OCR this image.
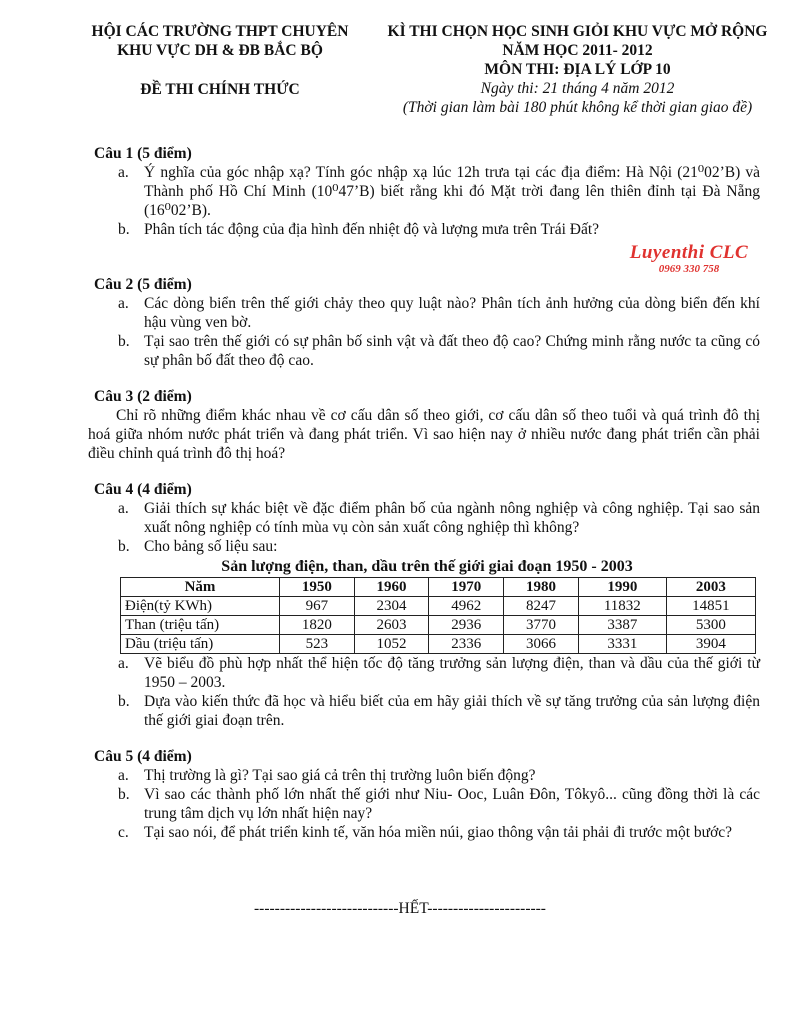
HỘI CÁC TRƯỜNG THPT CHUYÊN
KHU VỰC DH & ĐB BẮC BỘ
ĐỀ THI CHÍNH THỨC
KÌ THI CHỌN HỌC SINH GIỎI KHU VỰC MỞ RỘNG
NĂM HỌC 2011- 2012
MÔN THI: ĐỊA LÝ LỚP 10
Ngày thi: 21 tháng 4 năm 2012
(Thời gian làm bài 180 phút không kể thời gian giao đề)
Luyenthi CLC
0969 330 758
Câu 1 (5 điểm)
a. Ý nghĩa của góc nhập xạ? Tính góc nhập xạ lúc 12h trưa tại các địa điểm: Hà Nội (21⁰02’B) và Thành phố Hồ Chí Minh (10⁰47’B) biết rằng khi đó Mặt trời đang lên thiên đỉnh tại Đà Nẵng (16⁰02’B).
b. Phân tích tác động của địa hình đến nhiệt độ và lượng mưa trên Trái Đất?
Câu 2 (5 điểm)
a. Các dòng biển trên thế giới chảy theo quy luật nào? Phân tích ảnh hưởng của dòng biển đến khí hậu vùng ven bờ.
b. Tại sao trên thế giới có sự phân bố sinh vật và đất theo độ cao? Chứng minh rằng nước ta cũng có sự phân bố đất theo độ cao.
Câu 3 (2 điểm)
Chỉ rõ những điểm khác nhau về cơ cấu dân số theo giới, cơ cấu dân số theo tuổi và quá trình đô thị hoá giữa nhóm nước phát triển và đang phát triển. Vì sao hiện nay ở nhiều nước đang phát triển cần phải điều chỉnh quá trình đô thị hoá?
Câu 4 (4 điểm)
a. Giải thích sự khác biệt về đặc điểm phân bố của ngành nông nghiệp và công nghiệp. Tại sao sản xuất nông nghiệp có tính mùa vụ còn sản xuất công nghiệp thì không?
b. Cho bảng số liệu sau:
Sản lượng điện, than, dầu trên thế giới giai đoạn 1950 - 2003
Năm	1950	1960	1970	1980	1990	2003
Điện(tỷ KWh)	967	2304	4962	8247	11832	14851
Than (triệu tấn)	1820	2603	2936	3770	3387	5300
Dầu (triệu tấn)	523	1052	2336	3066	3331	3904
a. Vẽ biểu đồ phù hợp nhất thể hiện tốc độ tăng trưởng sản lượng điện, than và dầu của thế giới từ 1950 – 2003.
b. Dựa vào kiến thức đã học và hiểu biết của em hãy giải thích về sự tăng trưởng của sản lượng điện thế giới giai đoạn trên.
Câu 5 (4 điểm)
a. Thị trường là gì? Tại sao giá cả trên thị trường luôn biến động?
b. Vì sao các thành phố lớn nhất thế giới như Niu- Ooc, Luân Đôn, Tôkyô... cũng đồng thời là các trung tâm dịch vụ lớn nhất hiện nay?
c. Tại sao nói, để phát triển kinh tế, văn hóa miền núi, giao thông vận tải phải đi trước một bước?
----------------------------HẾT-----------------------
